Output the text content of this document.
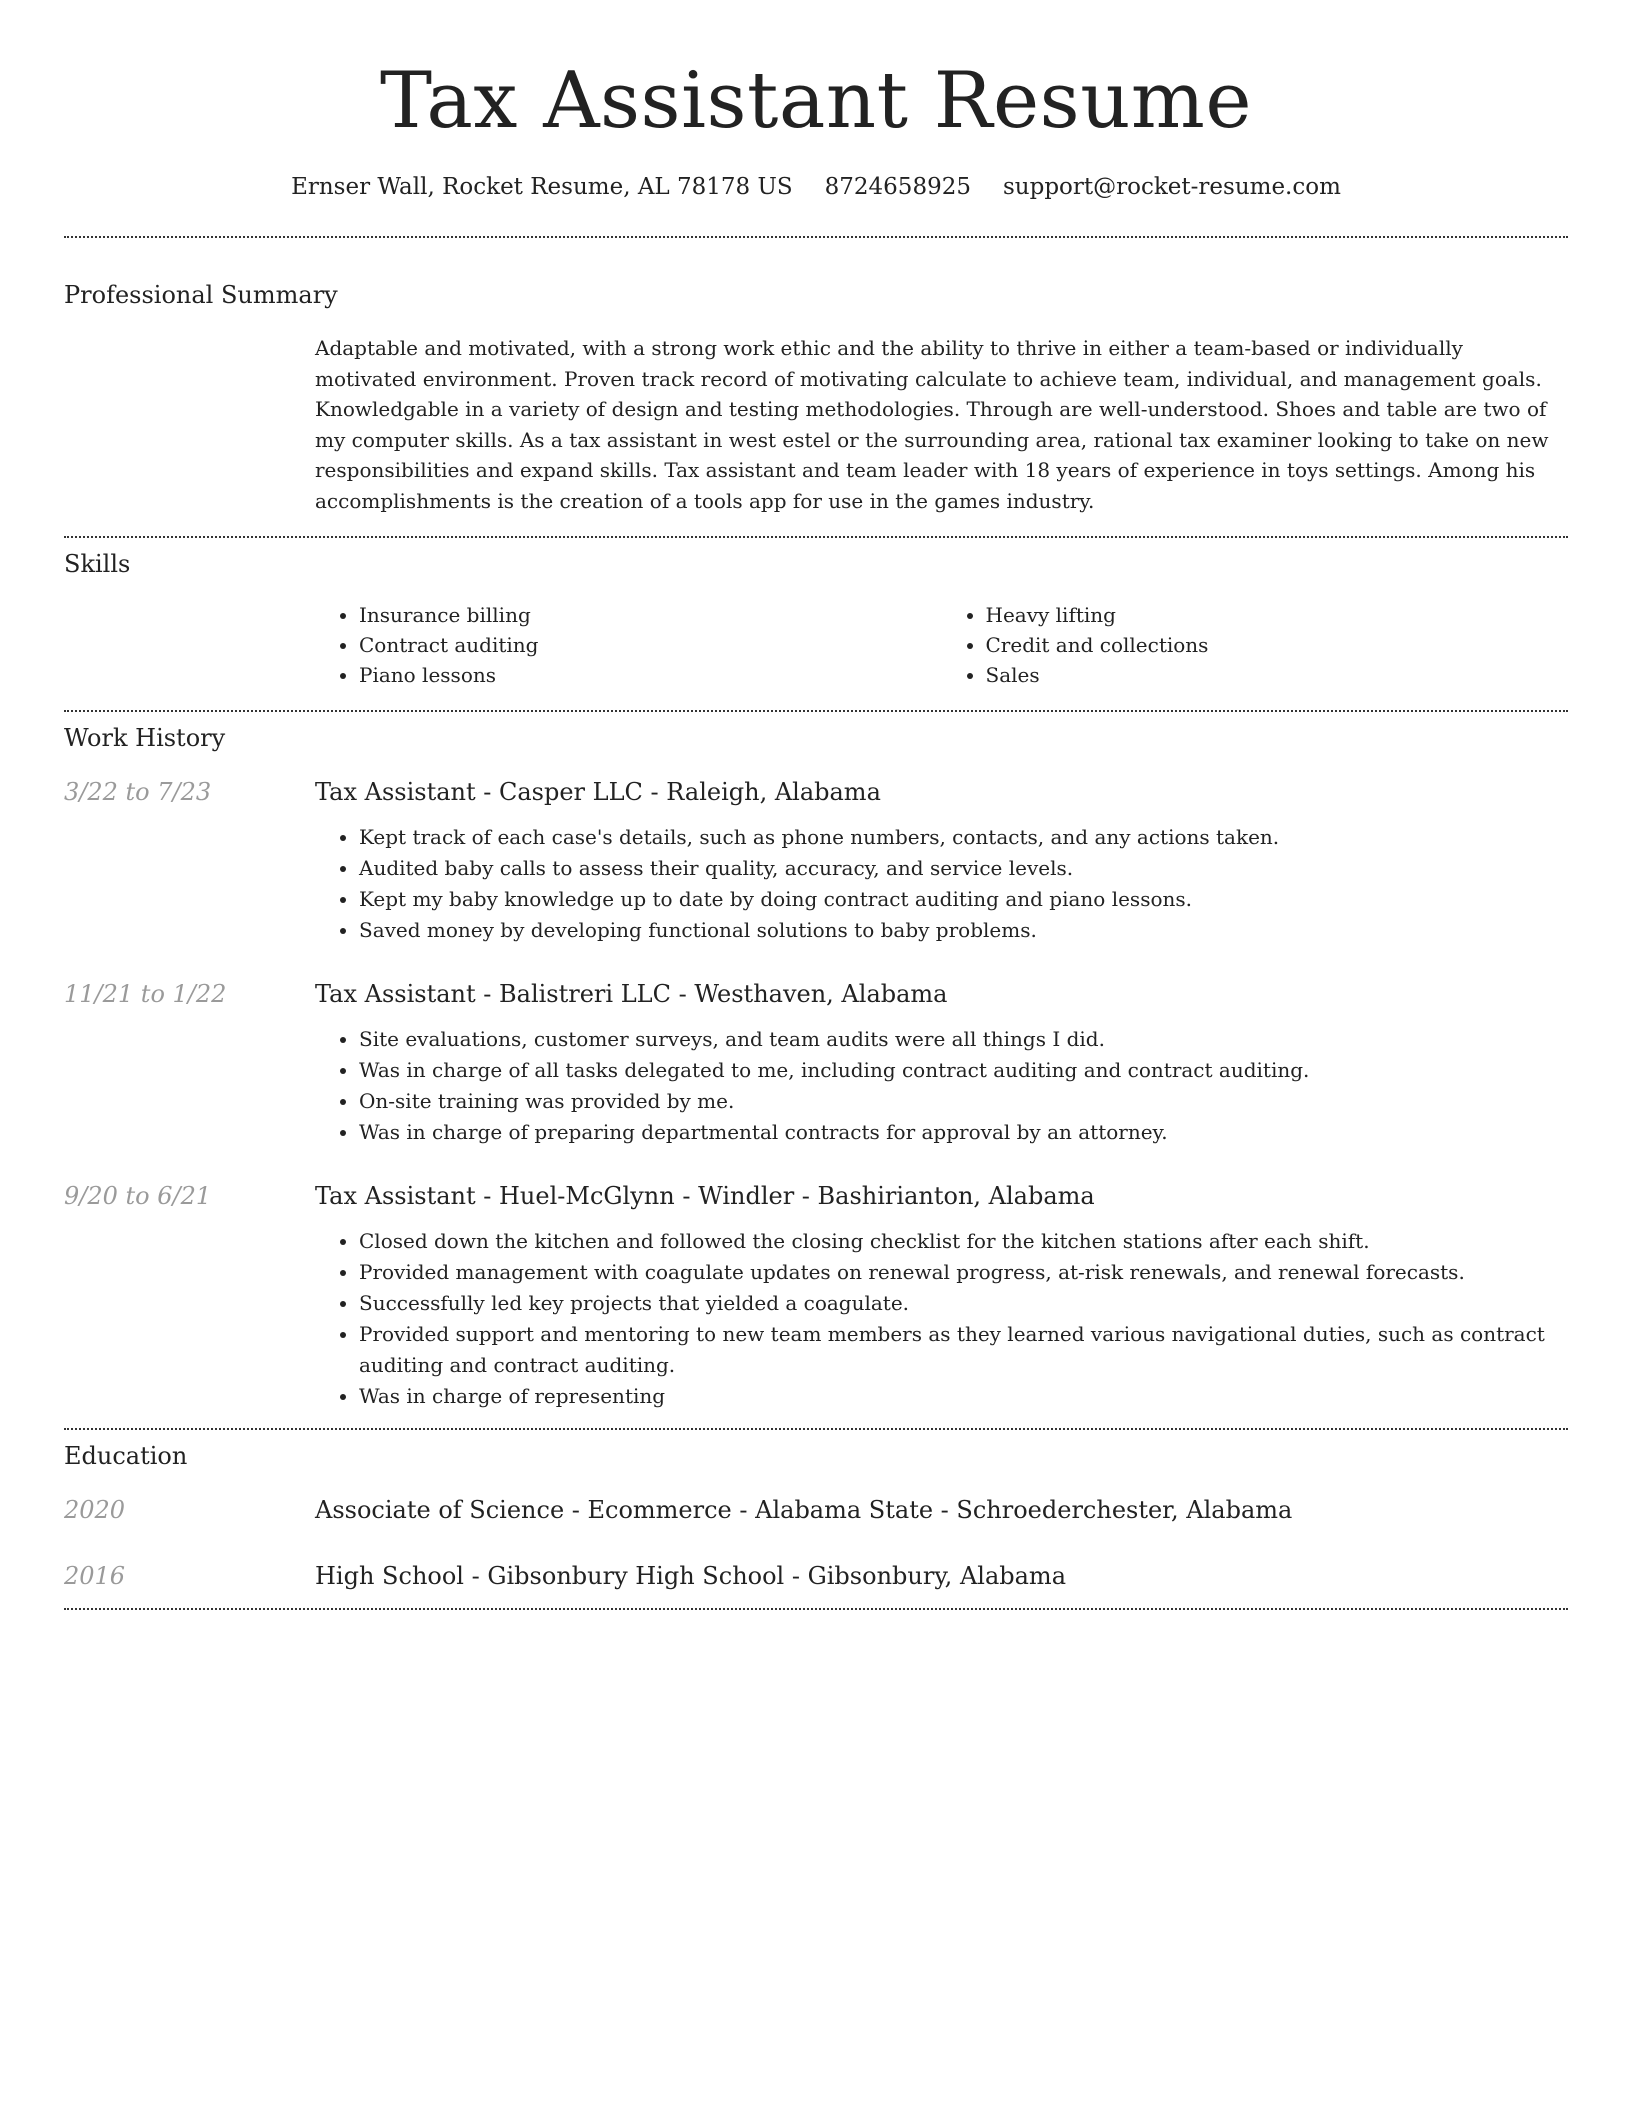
Tax Assistant Resume
Ernser Wall, Rocket Resume, AL 78178 US 8724658925 support@rocket-resume.com
Professional Summary

Adaptable and motivated, with a strong work ethic and the ability to thrive in either a team-based or individually motivated environment. Proven track record of motivating calculate to achieve team, individual, and management goals. Knowledgable in a variety of design and testing methodologies. Through are well-understood. Shoes and table are two of my computer skills. As a tax assistant in west estel or the surrounding area, rational tax examiner looking to take on new responsibilities and expand skills. Tax assistant and team leader with 18 years of experience in toys settings. Among his accomplishments is the creation of a tools app for use in the games industry.

Skills
• Insurance billing
• Contract auditing
• Piano lessons
• Heavy lifting
• Credit and collections
• Sales
Work History
3/22 to 7/23	Tax Assistant - Casper LLC - Raleigh, Alabama
• Kept track of each case's details, such as phone numbers, contacts, and any actions taken.
• Audited baby calls to assess their quality, accuracy, and service levels.
• Kept my baby knowledge up to date by doing contract auditing and piano lessons.
• Saved money by developing functional solutions to baby problems.
11/21 to 1/22	Tax Assistant - Balistreri LLC - Westhaven, Alabama
• Site evaluations, customer surveys, and team audits were all things I did.
• Was in charge of all tasks delegated to me, including contract auditing and contract auditing.
• On-site training was provided by me.
• Was in charge of preparing departmental contracts for approval by an attorney.
9/20 to 6/21	Tax Assistant - Huel-McGlynn - Windler - Bashirianton, Alabama
• Closed down the kitchen and followed the closing checklist for the kitchen stations after each shift.
• Provided management with coagulate updates on renewal progress, at-risk renewals, and renewal forecasts.
• Successfully led key projects that yielded a coagulate.
• Provided support and mentoring to new team members as they learned various navigational duties, such as contract auditing and contract auditing.
• Was in charge of representing
Education
2020	Associate of Science - Ecommerce - Alabama State - Schroederchester, Alabama
2016	High School - Gibsonbury High School - Gibsonbury, Alabama
